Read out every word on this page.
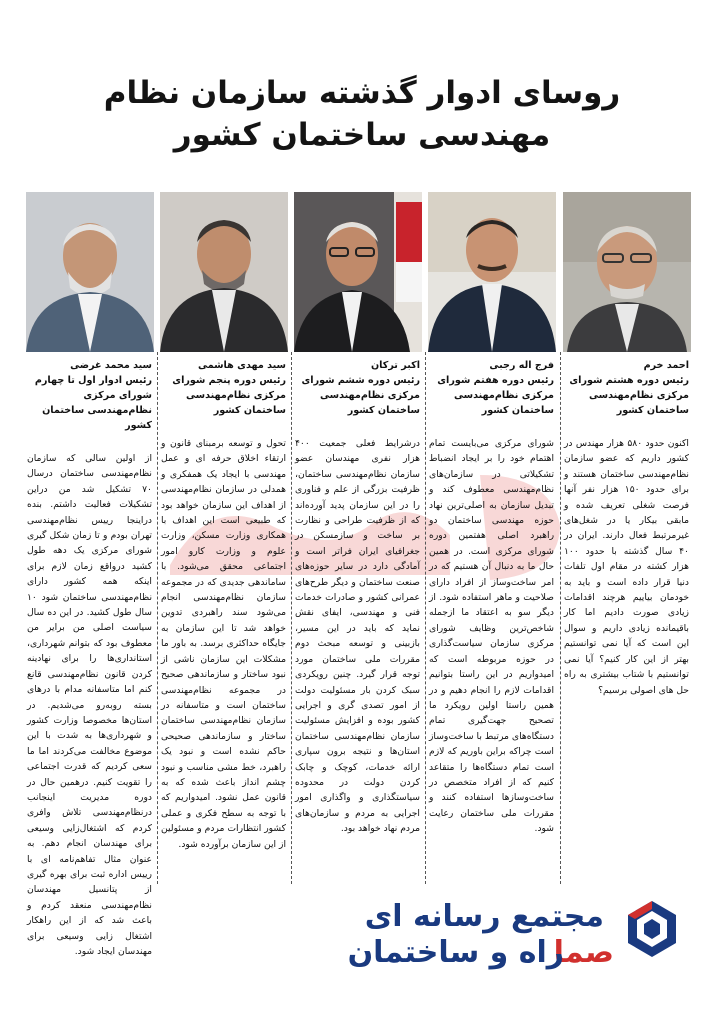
روسای ادوار گذشته سازمان نظام
مهندسی ساختمان کشور
احمد خرم
رئیس دوره هشتم شورای مرکزی نظام‌مهندسی ساختمان کشور
اکنون حدود ۵۸۰ هزار مهندس در کشور داریم که عضو سازمان نظام‌مهندسی ساختمان هستند و برای حدود ۱۵۰ هزار نفر آنها فرصت شغلی تعریف شده و مابقی بیکار یا در شغل‌های غیرمرتبط فعال دارند. ایران در ۴۰ سال گذشته با حدود ۱۰۰ هزار کشته در مقام اول تلفات دنیا قرار داده است و باید به خودمان بیاییم هرچند اقدامات زیادی صورت دادیم اما کار باقیمانده زیادی داریم و سوال این است که آیا نمی توانستیم بهتر از این کار کنیم؟ آیا نمی توانستیم با شتاب بیشتری به راه حل های اصولی برسیم؟
فرج اله رجبی
رئیس دوره هفتم شورای مرکزی نظام‌مهندسی ساختمان کشور
شورای مرکزی می‌بایست تمام اهتمام خود را بر ایجاد انضباط تشکیلاتی در سازمان‌های نظام‌مهندسی معطوف کند و تبدیل سازمان به اصلی‌ترین نهاد حوزه مهندسی ساختمان دو راهبرد اصلی هفتمین دوره شورای مرکزی است. در همین حال ما به دنبال آن هستیم که در امر ساخت‌وساز از افراد دارای صلاحیت و ماهر استفاده شود. از دیگر سو به اعتقاد ما ازجمله شاخص‌ترین وظایف شورای مرکزی سازمان سیاست‌گذاری در حوزه مربوطه است که امیدواریم در این راستا بتوانیم اقدامات لازم را انجام دهیم و در همین راستا اولین رویکرد ما تصحیح جهت‌گیری تمام دستگاه‌های مرتبط با ساخت‌وساز است چراکه براین باوریم که لازم است تمام دستگاه‌ها را متقاعد کنیم که از افراد متخصص در ساخت‌وسازها استفاده کنند و مقررات ملی ساختمان رعایت شود.
اکبر ترکان
رئیس دوره ششم شورای مرکزی نظام‌مهندسی ساختمان کشور
درشرایط فعلی جمعیت ۴۰۰ هزار نفری مهندسان عضو سازمان نظام‌مهندسی ساختمان، ظرفیت بزرگی از علم و فناوری را در این سازمان پدید آورده‌اند که از ظرفیت طراحی و نظارت بر ساخت و سازمسکن در جغرافیای ایران فراتر است و آمادگی دارد در سایر حوزه‌های صنعت ساختمان و دیگر طرح‌های عمرانی کشور و صادرات خدمات فنی و مهندسی، ایفای نقش نماید که باید در این مسیر، بازبینی و توسعه مبحث دوم مقررات ملی ساختمان مورد توجه قرار گیرد. چنین رویکردی سبک کردن بار مسئولیت دولت از امور تصدی گری و اجرایی کشور بوده و افزایش مسئولیت سازمان نظام‌مهندسی ساختمان استان‌ها و نتیجه برون سپاری ارائه خدمات، کوچک و چابک کردن دولت در محدوده سیاستگذاری و واگذاری امور اجرایی به مردم و سازمان‌های مردم نهاد خواهد بود.
سید مهدی هاشمی
رئیس دوره پنجم شورای مرکزی نظام‌مهندسی ساختمان کشور
تحول و توسعه برمبنای قانون و ارتقاء اخلاق حرفه ای و عمل مهندسی با ایجاد یک همفکری و همدلی در سازمان نظام‌مهندسی از اهداف این سازمان خواهد بود که طبیعی است این اهداف با همکاری وزارت مسکن، وزارت علوم و وزارت کارو امور اجتماعی محقق می‌شود. با ساماندهی جدیدی که در مجموعه سازمان نظام‌مهندسی انجام می‌شود سند راهبردی تدوین خواهد شد تا این سازمان به جایگاه حداکثری برسد. به باور ما مشکلات این سازمان ناشی از نبود ساختار و سازماندهی صحیح در مجموعه نظام‌مهندسی ساختمان است و متاسفانه در سازمان نظام‌مهندسی ساختمان ساختار و سازماندهی صحیحی حاکم نشده است و نبود یک راهبرد، خط مشی مناسب و نبود چشم انداز باعث شده که به قانون عمل نشود. امیدواریم که با توجه به سطح فکری و عملی کشور انتظارات مردم و مسئولین از این سازمان برآورده شود.
سید محمد غرضی
رئیس ادوار اول تا چهارم شورای مرکزی نظام‌مهندسی ساختمان کشور
از اولین سالی که سازمان نظام‌مهندسی ساختمان درسال ۷۰ تشکیل شد من دراین تشکیلات فعالیت داشتم. بنده دراینجا رییس نظام‌مهندسی تهران بودم و تا زمان شکل گیری شورای مرکزی یک دهه طول کشید درواقع زمان لازم برای اینکه همه کشور دارای نظام‌مهندسی ساختمان شود ۱۰ سال طول کشید. در این ده سال سیاست اصلی من برایر من معطوف بود که بتوانم شهرداری، استانداری‌ها را برای نهادینه کردن قانون نظام‌مهندسی قانع کنم اما متاسفانه مدام با درهای بسته روبه‌رو می‌شدیم. در استان‌ها مخصوصا وزارت کشور و شهرداری‌ها به شدت با این موضوع مخالفت می‌کردند اما ما سعی کردیم که قدرت اجتماعی را تقویت کنیم. درهمین حال در دوره مدیریت اینجانب درنظام‌مهندسی تلاش وافری کردم که اشتغال‌زایی وسیعی برای مهندسان انجام دهم. به عنوان مثال تفاهم‌نامه ای با رییس اداره ثبت برای بهره گیری از پتانسیل مهندسان نظام‌مهندسی منعقد کردم و باعث شد که از این راهکار اشتغال زایی وسیعی برای مهندسان ایجاد شود.
مجتمع رسانه ای
صما
راه و ساختمان
